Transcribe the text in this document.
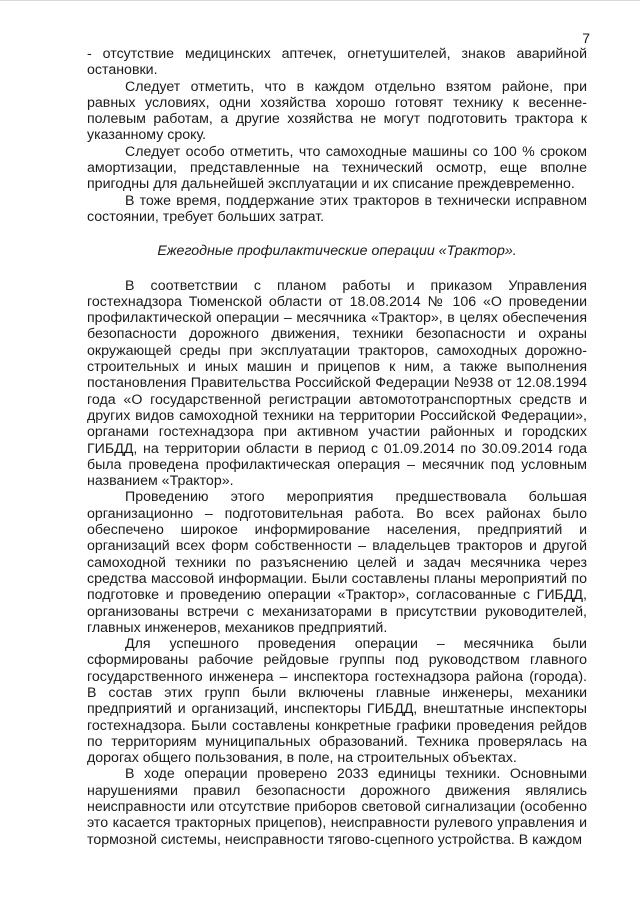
7

- отсутствие медицинских аптечек, огнетушителей, знаков аварийной остановки.

Следует отметить, что в каждом отдельно взятом районе, при равных условиях, одни хозяйства хорошо готовят технику к весенне-полевым работам, а другие хозяйства не могут подготовить трактора к указанному сроку.

Следует особо отметить, что самоходные машины со 100 % сроком амортизации, представленные на технический осмотр, еще вполне пригодны для дальнейшей эксплуатации и их списание преждевременно.

В тоже время, поддержание этих тракторов в технически исправном состоянии, требует больших затрат.

Ежегодные профилактические операции «Трактор».

В соответствии с планом работы и приказом Управления гостехнадзора Тюменской области от 18.08.2014 № 106 «О проведении профилактической операции – месячника «Трактор», в целях обеспечения безопасности дорожного движения, техники безопасности и охраны окружающей среды при эксплуатации тракторов, самоходных дорожно-строительных и иных машин и прицепов к ним, а также выполнения постановления Правительства Российской Федерации №938 от 12.08.1994 года «О государственной регистрации автомототранспортных средств и других видов самоходной техники на территории Российской Федерации», органами гостехнадзора при активном участии районных и городских ГИБДД, на территории области в период с 01.09.2014 по 30.09.2014 года была проведена профилактическая операция – месячник под условным названием «Трактор».

Проведению этого мероприятия предшествовала большая организационно – подготовительная работа. Во всех районах было обеспечено широкое информирование населения, предприятий и организаций всех форм собственности – владельцев тракторов и другой самоходной техники по разъяснению целей и задач месячника через средства массовой информации. Были составлены планы мероприятий по подготовке и проведению операции «Трактор», согласованные с ГИБДД, организованы встречи с механизаторами в присутствии руководителей, главных инженеров, механиков предприятий.

Для успешного проведения операции – месячника были сформированы рабочие рейдовые группы под руководством главного государственного инженера – инспектора гостехнадзора района (города). В состав этих групп были включены главные инженеры, механики предприятий и организаций, инспекторы ГИБДД, внештатные инспекторы гостехнадзора. Были составлены конкретные графики проведения рейдов по территориям муниципальных образований. Техника проверялась на дорогах общего пользования, в поле, на строительных объектах.

В ходе операции проверено 2033 единицы техники. Основными нарушениями правил безопасности дорожного движения являлись неисправности или отсутствие приборов световой сигнализации (особенно это касается тракторных прицепов), неисправности рулевого управления и тормозной системы, неисправности тягово-сцепного устройства. В каждом
